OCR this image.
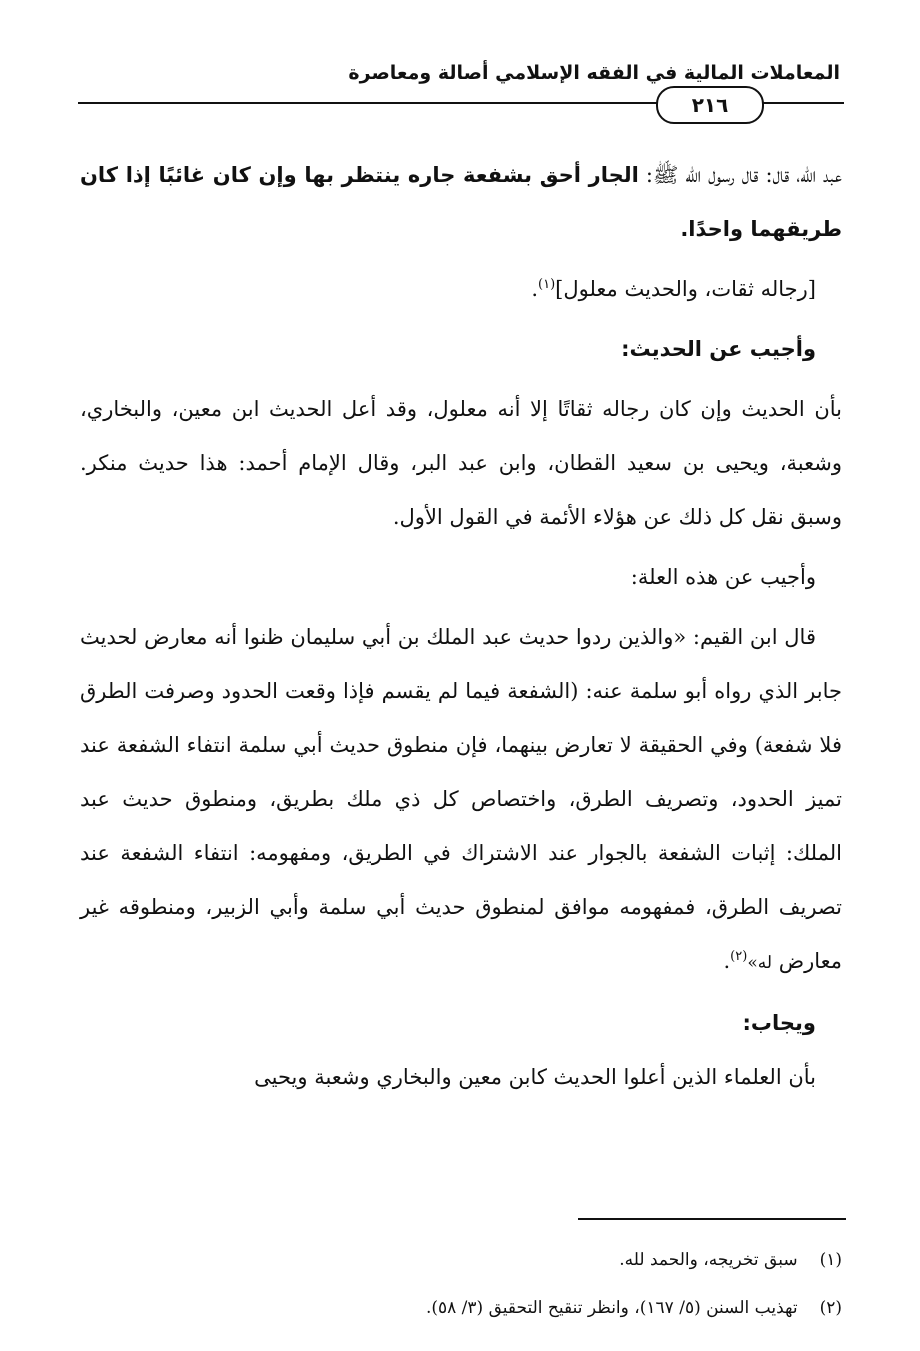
المعاملات المالية في الفقه الإسلامي أصالة ومعاصرة
٢١٦

عبد الله، قال: قال رسول الله ﷺ: الجار أحق بشفعة جاره ينتظر بها وإن كان غائبًا إذا كان طريقهما واحدًا.

[رجاله ثقات، والحديث معلول]$^{(١)}$.

وأجيب عن الحديث:

بأن الحديث وإن كان رجاله ثقاتًا إلا أنه معلول، وقد أعل الحديث ابن معين، والبخاري، وشعبة، ويحيى بن سعيد القطان، وابن عبد البر، وقال الإمام أحمد: هذا حديث منكر. وسبق نقل كل ذلك عن هؤلاء الأئمة في القول الأول.

وأجيب عن هذه العلة:

قال ابن القيم: «والذين ردوا حديث عبد الملك بن أبي سليمان ظنوا أنه معارض لحديث جابر الذي رواه أبو سلمة عنه: (الشفعة فيما لم يقسم فإذا وقعت الحدود وصرفت الطرق فلا شفعة) وفي الحقيقة لا تعارض بينهما، فإن منطوق حديث أبي سلمة انتفاء الشفعة عند تميز الحدود، وتصريف الطرق، واختصاص كل ذي ملك بطريق، ومنطوق حديث عبد الملك: إثبات الشفعة بالجوار عند الاشتراك في الطريق، ومفهومه: انتفاء الشفعة عند تصريف الطرق، فمفهومه موافق لمنطوق حديث أبي سلمة وأبي الزبير، ومنطوقه غير معارض له»$^{(٢)}$.

ويجاب:

بأن العلماء الذين أعلوا الحديث كابن معين والبخاري وشعبة ويحيى

(١)سبق تخريجه، والحمد لله.

(٢)تهذيب السنن (٥/ ١٦٧)، وانظر تنقيح التحقيق (٣/ ٥٨).
